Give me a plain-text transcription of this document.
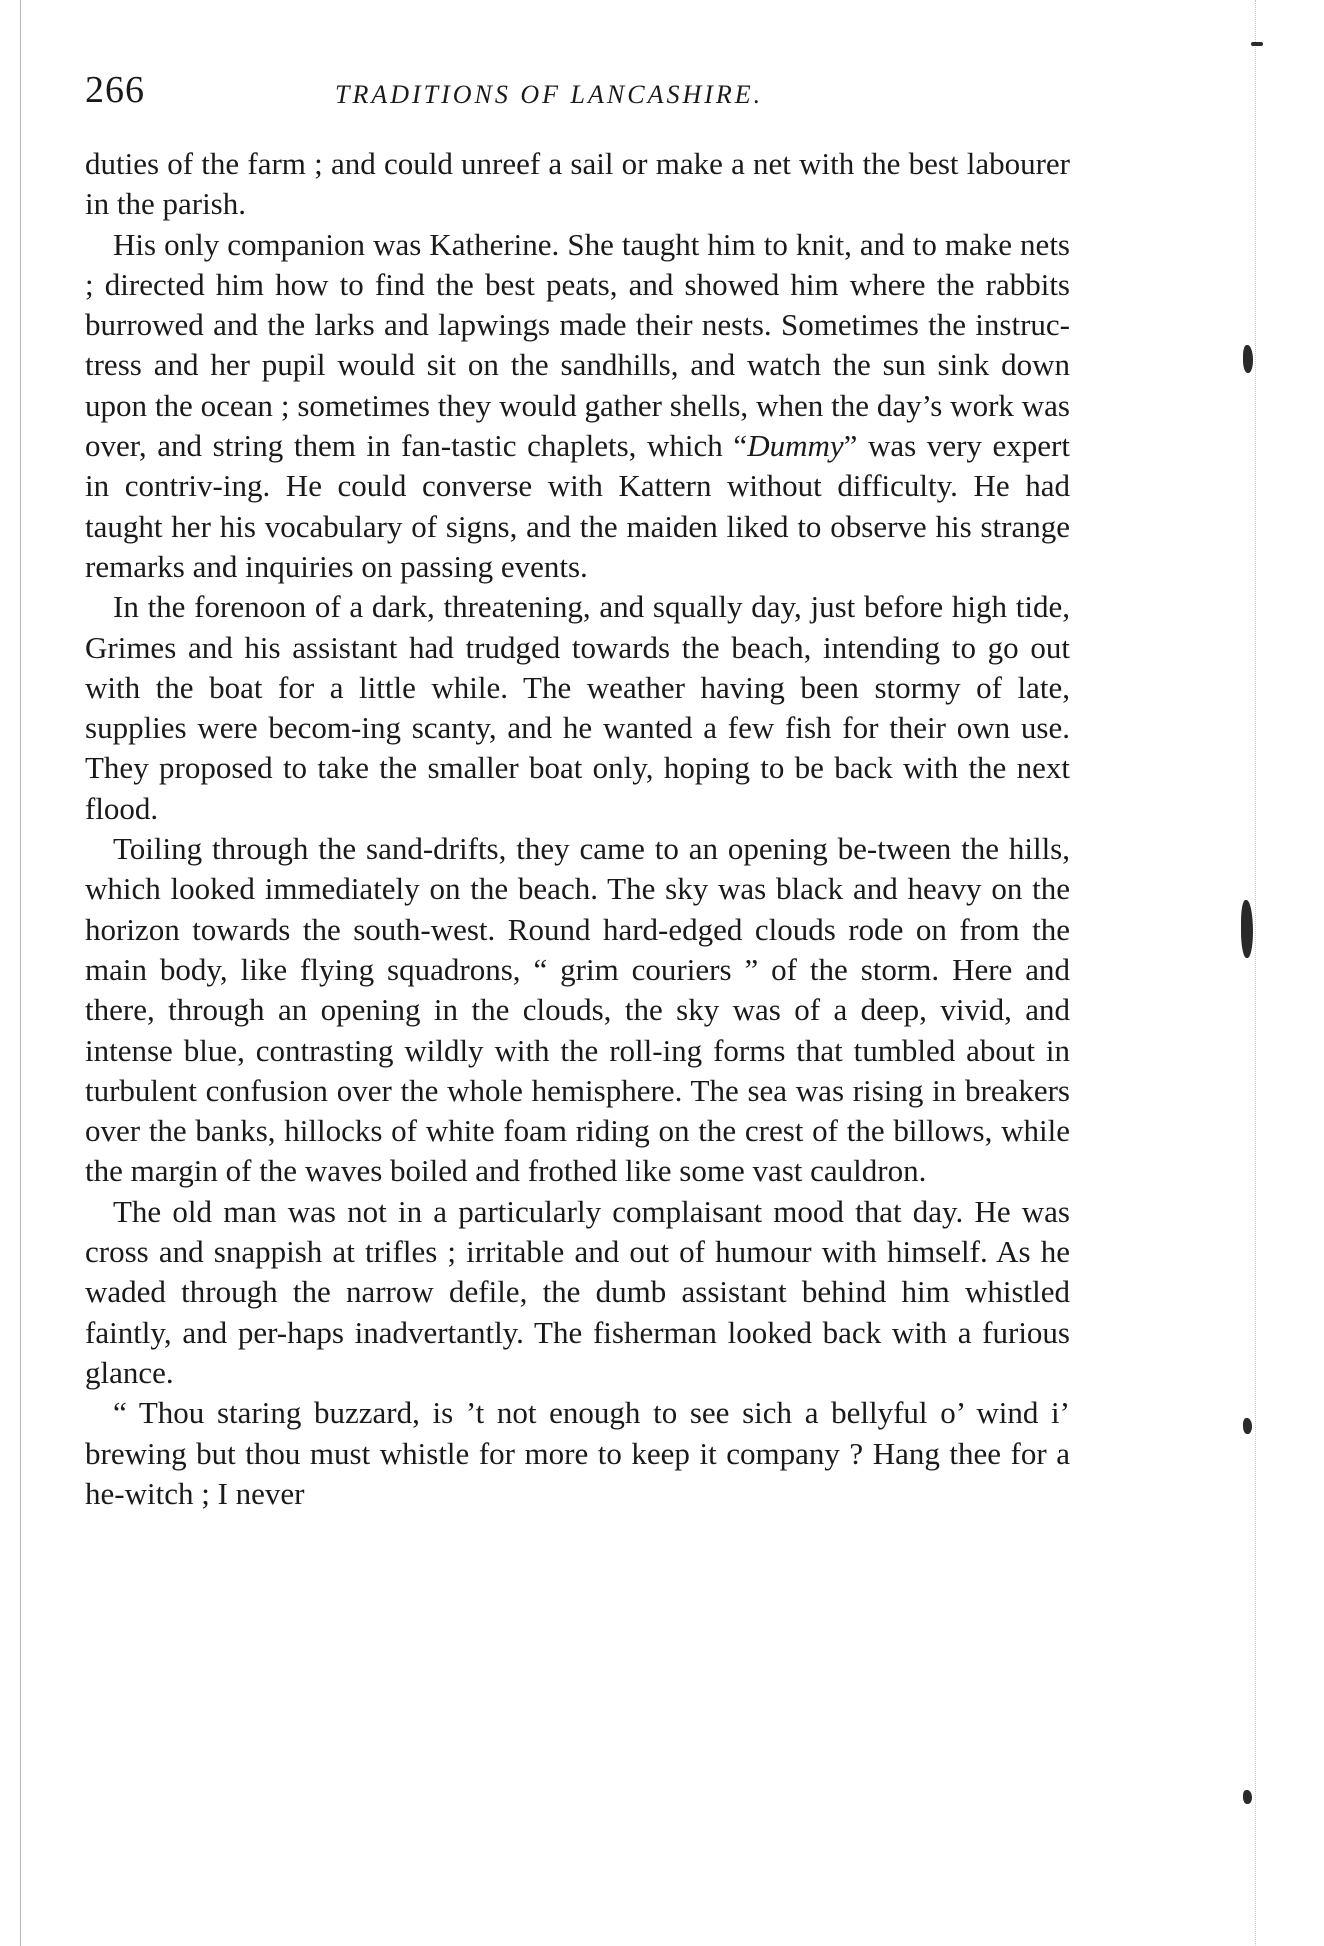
266	TRADITIONS OF LANCASHIRE.

duties of the farm ; and could unreef a sail or make a net with the best labourer in the parish.

His only companion was Katherine. She taught him to knit, and to make nets ; directed him how to find the best peats, and showed him where the rabbits burrowed and the larks and lapwings made their nests. Sometimes the instruc-tress and her pupil would sit on the sandhills, and watch the sun sink down upon the ocean ; sometimes they would gather shells, when the day’s work was over, and string them in fan-tastic chaplets, which “Dummy” was very expert in contriv-ing. He could converse with Kattern without difficulty. He had taught her his vocabulary of signs, and the maiden liked to observe his strange remarks and inquiries on passing events.

In the forenoon of a dark, threatening, and squally day, just before high tide, Grimes and his assistant had trudged towards the beach, intending to go out with the boat for a little while. The weather having been stormy of late, supplies were becom-ing scanty, and he wanted a few fish for their own use. They proposed to take the smaller boat only, hoping to be back with the next flood.

Toiling through the sand-drifts, they came to an opening be-tween the hills, which looked immediately on the beach. The sky was black and heavy on the horizon towards the south-west. Round hard-edged clouds rode on from the main body, like flying squadrons, “ grim couriers ” of the storm. Here and there, through an opening in the clouds, the sky was of a deep, vivid, and intense blue, contrasting wildly with the roll-ing forms that tumbled about in turbulent confusion over the whole hemisphere. The sea was rising in breakers over the banks, hillocks of white foam riding on the crest of the billows, while the margin of the waves boiled and frothed like some vast cauldron.

The old man was not in a particularly complaisant mood that day. He was cross and snappish at trifles ; irritable and out of humour with himself. As he waded through the narrow defile, the dumb assistant behind him whistled faintly, and per-haps inadvertantly. The fisherman looked back with a furious glance.

“ Thou staring buzzard, is ’t not enough to see sich a bellyful o’ wind i’ brewing but thou must whistle for more to keep it company ? Hang thee for a he-witch ; I never
